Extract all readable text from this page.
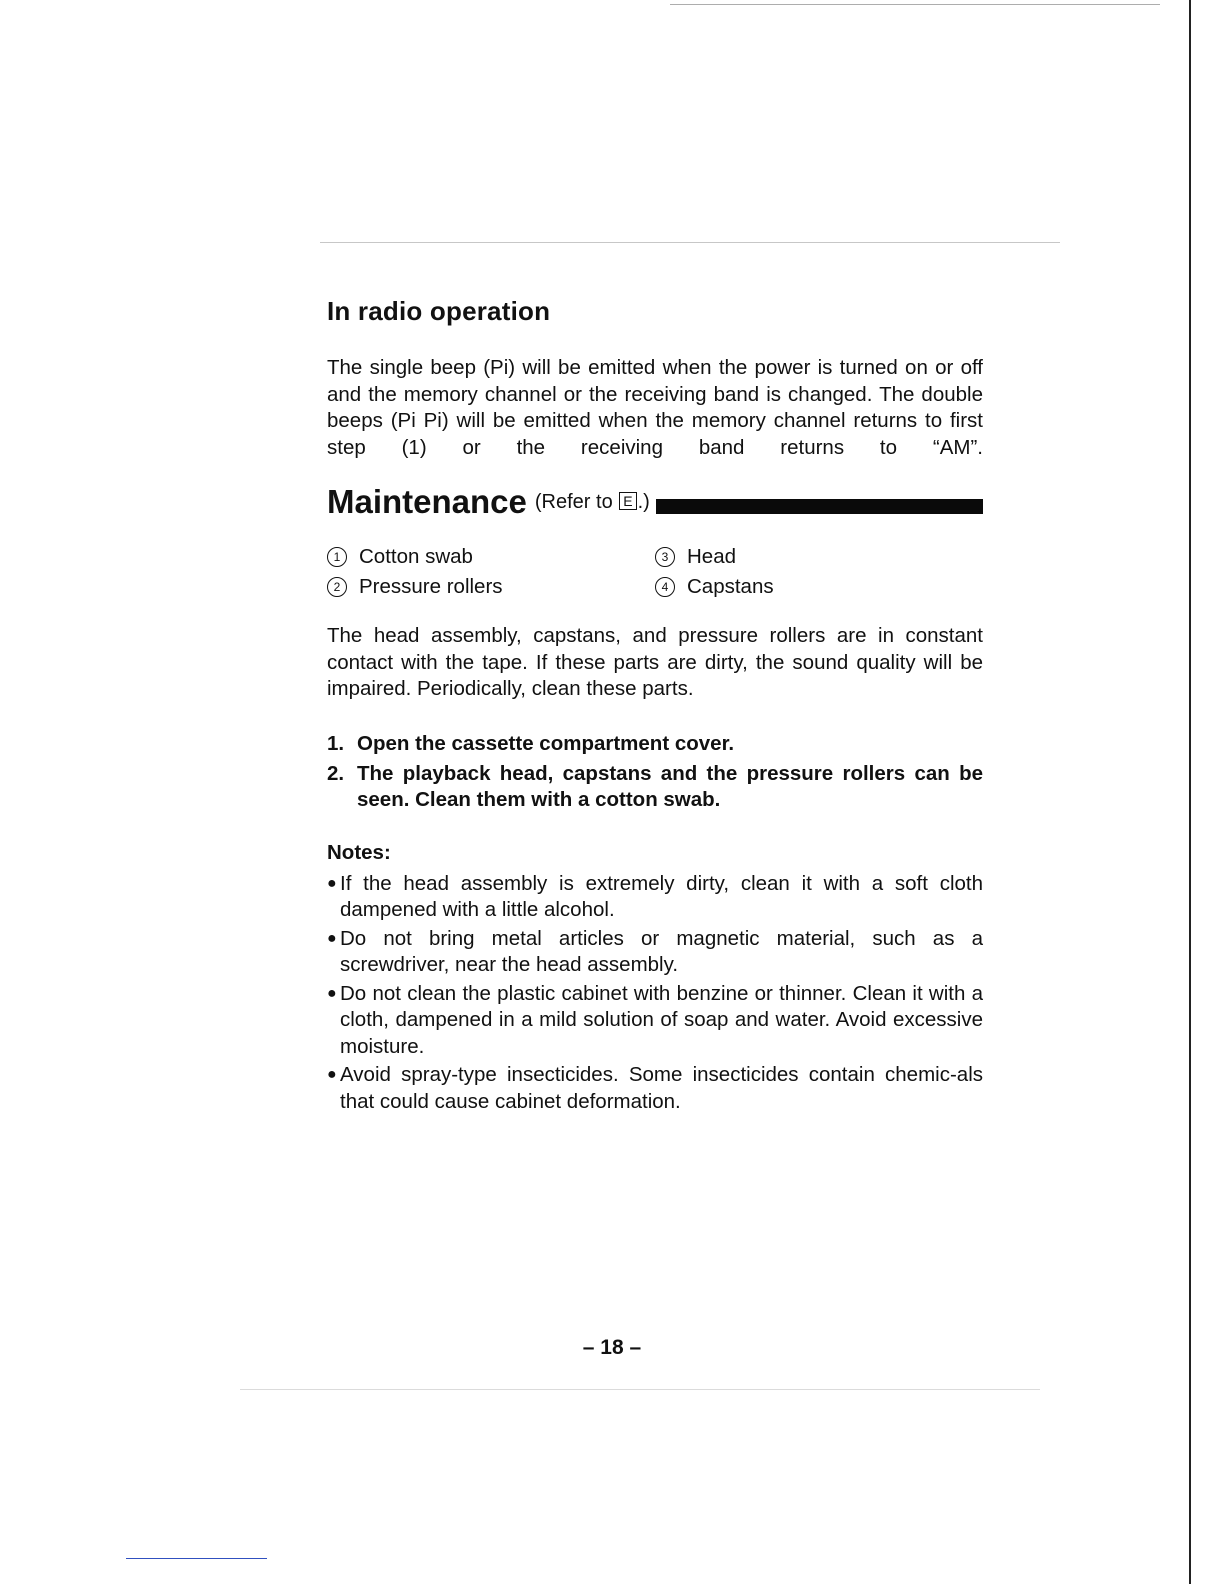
In radio operation

The single beep (Pi) will be emitted when the power is turned on or off and the memory channel or the receiving band is changed. The double beeps (Pi Pi) will be emitted when the memory channel returns to first step (1) or the receiving band returns to “AM”.

Maintenance (Refer to E .)
1 Cotton swab	3 Head
2 Pressure rollers	4 Capstans

The head assembly, capstans, and pressure rollers are in constant contact with the tape. If these parts are dirty, the sound quality will be impaired. Periodically, clean these parts.

1. Open the cassette compartment cover.
2. The playback head, capstans and the pressure rollers can be seen. Clean them with a cotton swab.
Notes:
● If the head assembly is extremely dirty, clean it with a soft cloth dampened with a little alcohol.
● Do not bring metal articles or magnetic material, such as a screwdriver, near the head assembly.
● Do not clean the plastic cabinet with benzine or thinner. Clean it with a cloth, dampened in a mild solution of soap and water. Avoid excessive moisture.
● Avoid spray-type insecticides. Some insecticides contain chemic-als that could cause cabinet deformation.
– 18 –
